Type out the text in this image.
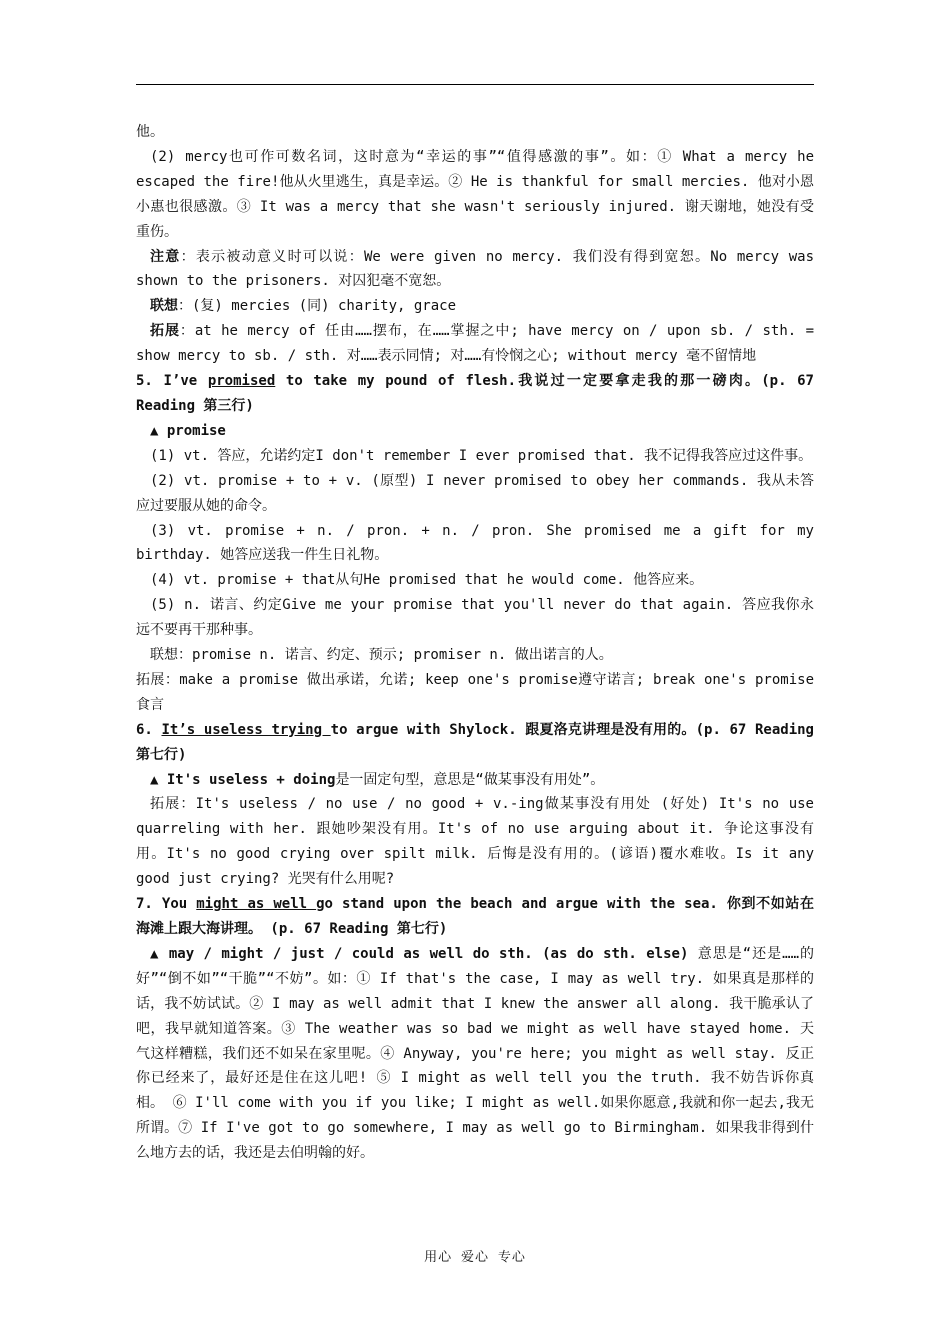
他。

(2) mercy也可作可数名词，这时意为“幸运的事”“值得感激的事”。如：① What a mercy he escaped the fire!他从火里逃生，真是幸运。② He is thankful for small mercies. 他对小恩小惠也很感激。③ It was a mercy that she wasn't seriously injured. 谢天谢地，她没有受重伤。

注意：表示被动意义时可以说：We were given no mercy. 我们没有得到宽恕。No mercy was shown to the prisoners. 对囚犯毫不宽恕。

联想：(复) mercies (同) charity, grace

拓展：at he mercy of 任由……摆布，在……掌握之中; have mercy on / upon sb. / sth. = show mercy to sb. / sth. 对……表示同情; 对……有怜悯之心; without mercy 毫不留情地

5. I’ve promised to take my pound of flesh.我说过一定要拿走我的那一磅肉。(p. 67 Reading 第三行)

▲ promise

(1) vt. 答应，允诺约定I don't remember I ever promised that. 我不记得我答应过这件事。

(2) vt. promise + to + v. (原型) I never promised to obey her commands. 我从未答应过要服从她的命令。

(3) vt. promise + n. / pron. + n. / pron. She promised me a gift for my birthday. 她答应送我一件生日礼物。

(4) vt. promise + that从句He promised that he would come. 他答应来。

(5) n. 诺言、约定Give me your promise that you'll never do that again. 答应我你永远不要再干那种事。

联想：promise n. 诺言、约定、预示; promiser n. 做出诺言的人。

拓展：make a promise 做出承诺，允诺; keep one's promise遵守诺言; break one's promise食言

6. It’s useless trying to argue with Shylock. 跟夏洛克讲理是没有用的。(p. 67 Reading 第七行)

▲ It's useless + doing是一固定句型，意思是“做某事没有用处”。

拓展：It's useless / no use / no good + v.-ing做某事没有用处 (好处) It's no use quarreling with her. 跟她吵架没有用。It's of no use arguing about it. 争论这事没有用。It's no good crying over spilt milk. 后悔是没有用的。(谚语)覆水难收。Is it any good just crying? 光哭有什么用呢?

7. You might as well go stand upon the beach and argue with the sea. 你到不如站在海滩上跟大海讲理。 (p. 67 Reading 第七行)

▲ may / might / just / could as well do sth. (as do sth. else) 意思是“还是……的好”“倒不如”“干脆”“不妨”。如：① If that's the case, I may as well try. 如果真是那样的话，我不妨试试。② I may as well admit that I knew the answer all along. 我干脆承认了吧，我早就知道答案。③ The weather was so bad we might as well have stayed home. 天气这样糟糕，我们还不如呆在家里呢。④ Anyway, you're here; you might as well stay. 反正你已经来了，最好还是住在这儿吧! ⑤ I might as well tell you the truth. 我不妨告诉你真相。 ⑥ I'll come with you if you like; I might as well.如果你愿意,我就和你一起去,我无所谓。⑦ If I've got to go somewhere, I may as well go to Birmingham. 如果我非得到什么地方去的话，我还是去伯明翰的好。

用心 爱心 专心
